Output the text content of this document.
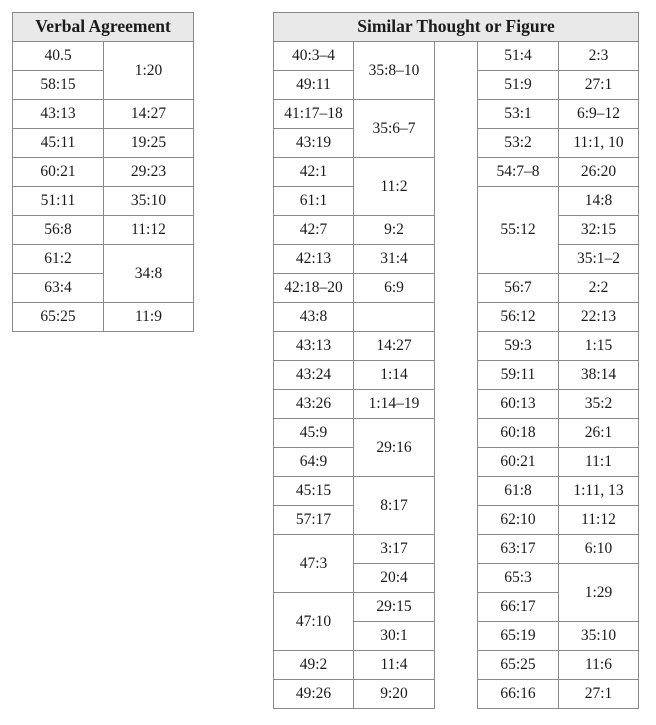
Verbal Agreement	
40.5	1:20
58:15	
43:13	14:27
45:11	19:25
60:21	29:23
51:11	35:10
56:8	11:12
61:2	34:8
63:4	
65:25	11:9
Similar Thought or Figure				
40:3–4	35:8–10		51:4	2:3
49:11			51:9	27:1
41:17–18	35:6–7		53:1	6:9–12
43:19			53:2	11:1, 10
42:1	11:2		54:7–8	26:20
61:1			55:12	14:8
42:7	9:2			32:15
42:13	31:4			35:1–2
42:18–20	6:9		56:7	2:2
43:8			56:12	22:13
43:13	14:27		59:3	1:15
43:24	1:14		59:11	38:14
43:26	1:14–19		60:13	35:2
45:9	29:16		60:18	26:1
64:9			60:21	11:1
45:15	8:17		61:8	1:11, 13
57:17			62:10	11:12
47:3	3:17		63:17	6:10
	20:4		65:3	1:29
47:10	29:15		66:17	
	30:1		65:19	35:10
49:2	11:4		65:25	11:6
49:26	9:20		66:16	27:1
